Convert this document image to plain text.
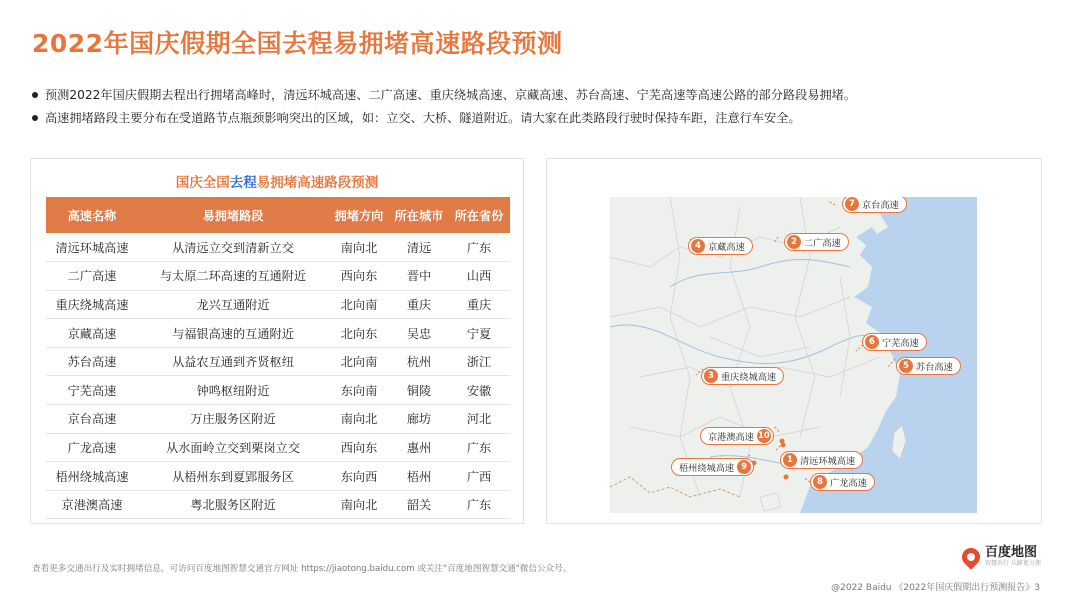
2022年国庆假期全国去程易拥堵高速路段预测
预测2022年国庆假期去程出行拥堵高峰时，清远环城高速、二广高速、重庆绕城高速、京藏高速、苏台高速、宁芜高速等高速公路的部分路段易拥堵。
高速拥堵路段主要分布在受道路节点瓶颈影响突出的区域，如：立交、大桥、隧道附近。请大家在此类路段行驶时保持车距，注意行车安全。
国庆全国去程易拥堵高速路段预测
高速名称	易拥堵路段	拥堵方向	所在城市	所在省份
清远环城高速	从清远立交到清新立交	南向北	清远	广东
二广高速	与太原二环高速的互通附近	西向东	晋中	山西
重庆绕城高速	龙兴互通附近	北向南	重庆	重庆
京藏高速	与福银高速的互通附近	北向东	吴忠	宁夏
苏台高速	从益农互通到齐贤枢纽	北向南	杭州	浙江
宁芜高速	钟鸣枢纽附近	东向南	铜陵	安徽
京台高速	万庄服务区附近	南向北	廊坊	河北
广龙高速	从水面岭立交到栗岗立交	西向东	惠州	广东
梧州绕城高速	从梧州东到夏郢服务区	东向西	梧州	广西
京港澳高速	粤北服务区附近	南向北	韶关	广东
7 京台高速
2 二广高速
4 京藏高速
6 宁芜高速
5 苏台高速
3 重庆绕城高速
京港澳高速 10
1 清远环城高速
梧州绕城高速 9
8 广龙高速
查看更多交通出行及实时拥堵信息，可访问百度地图智慧交通官方网址 https://jiaotong.baidu.com 或关注"百度地图智慧交通"微信公众号。
百度地图
智慧出行 认路更方便
@2022 Baidu 《2022年国庆假期出行预测报告》3
